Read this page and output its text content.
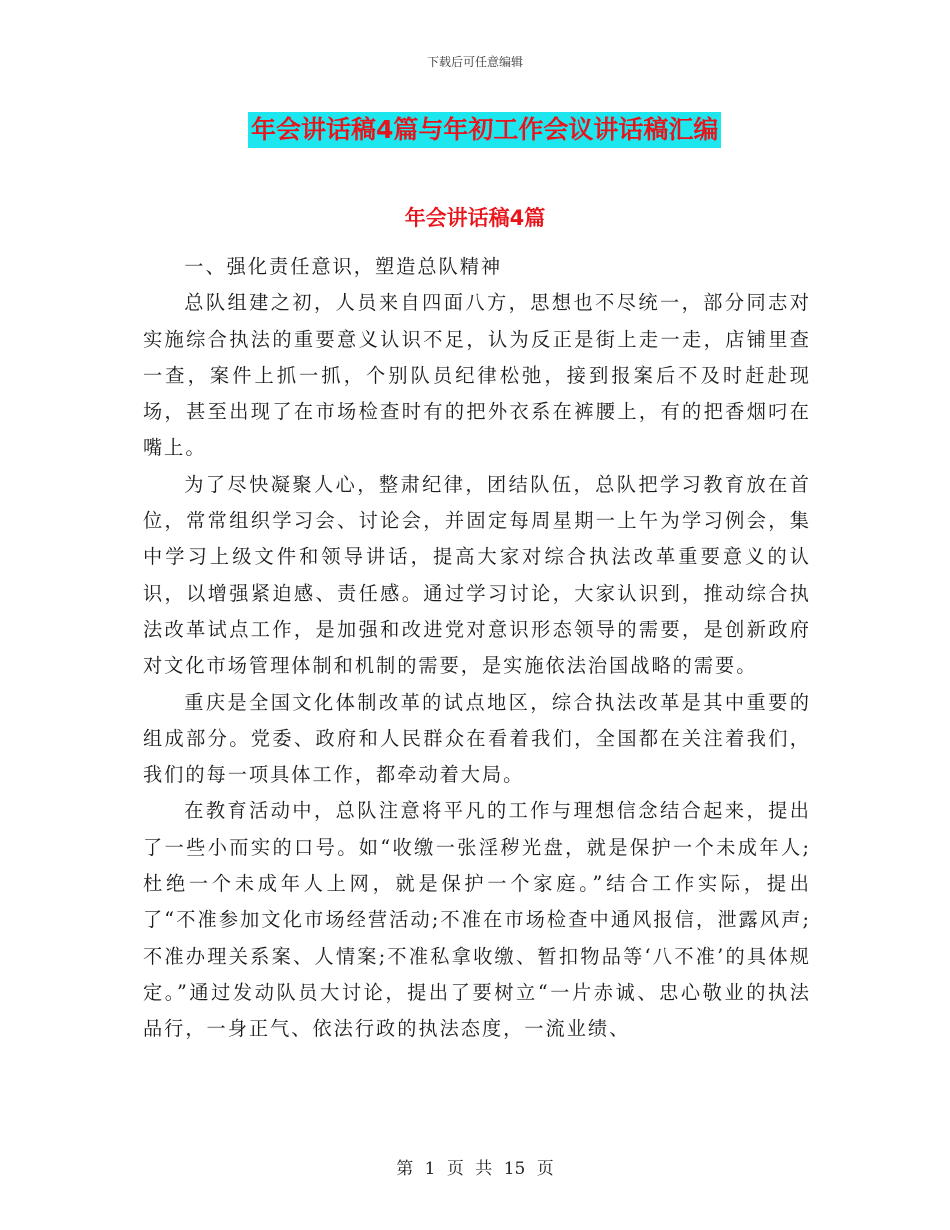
下载后可任意编辑
年会讲话稿4篇与年初工作会议讲话稿汇编
年会讲话稿4篇

一、强化责任意识，塑造总队精神

总队组建之初，人员来自四面八方，思想也不尽统一，部分同志对实施综合执法的重要意义认识不足，认为反正是街上走一走，店铺里查一查，案件上抓一抓，个别队员纪律松弛，接到报案后不及时赶赴现场，甚至出现了在市场检查时有的把外衣系在裤腰上，有的把香烟叼在嘴上。

为了尽快凝聚人心，整肃纪律，团结队伍，总队把学习教育放在首位，常常组织学习会、讨论会，并固定每周星期一上午为学习例会，集中学习上级文件和领导讲话，提高大家对综合执法改革重要意义的认识，以增强紧迫感、责任感。通过学习讨论，大家认识到，推动综合执法改革试点工作，是加强和改进党对意识形态领导的需要，是创新政府对文化市场管理体制和机制的需要，是实施依法治国战略的需要。

重庆是全国文化体制改革的试点地区，综合执法改革是其中重要的组成部分。党委、政府和人民群众在看着我们，全国都在关注着我们，我们的每一项具体工作，都牵动着大局。

在教育活动中，总队注意将平凡的工作与理想信念结合起来，提出了一些小而实的口号。如“收缴一张淫秽光盘，就是保护一个未成年人;杜绝一个未成年人上网，就是保护一个家庭。”结合工作实际，提出了“不准参加文化市场经营活动;不准在市场检查中通风报信，泄露风声;不准办理关系案、人情案;不准私拿收缴、暂扣物品等‘八不准’的具体规定。”通过发动队员大讨论，提出了要树立“一片赤诚、忠心敬业的执法品行，一身正气、依法行政的执法态度，一流业绩、

第 1 页 共 15 页
